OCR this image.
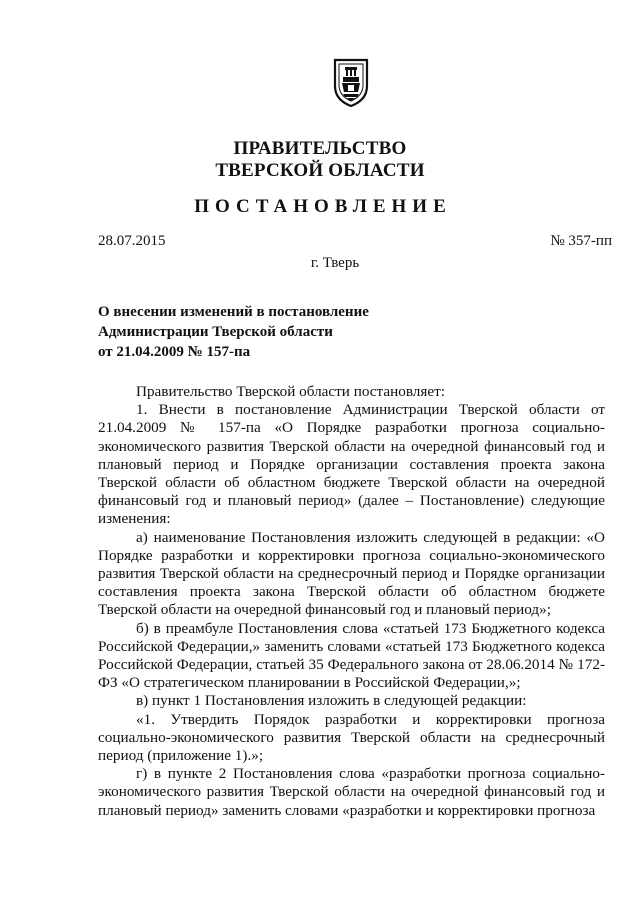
ПРАВИТЕЛЬСТВО
ТВЕРСКОЙ ОБЛАСТИ
ПОСТАНОВЛЕНИЕ
28.07.2015	№ 357-пп
г. Тверь
О внесении изменений в постановление
Администрации Тверской области
от 21.04.2009 № 157-па

Правительство Тверской области постановляет:

1. Внести в постановление Администрации Тверской области от 21.04.2009 № 157-па «О Порядке разработки прогноза социально-экономического развития Тверской области на очередной финансовый год и плановый период и Порядке организации составления проекта закона Тверской области об областном бюджете Тверской области на очередной финансовый год и плановый период» (далее – Постановление) следующие изменения:

а) наименование Постановления изложить следующей в редакции: «О Порядке разработки и корректировки прогноза социально-экономического развития Тверской области на среднесрочный период и Порядке организации составления проекта закона Тверской области об областном бюджете Тверской области на очередной финансовый год и плановый период»;

б) в преамбуле Постановления слова «статьей 173 Бюджетного кодекса Российской Федерации,» заменить словами «статьей 173 Бюджетного кодекса Российской Федерации, статьей 35 Федерального закона от 28.06.2014 № 172-ФЗ «О стратегическом планировании в Российской Федерации,»;

в) пункт 1 Постановления изложить в следующей редакции:

«1. Утвердить Порядок разработки и корректировки прогноза социально-экономического развития Тверской области на среднесрочный период (приложение 1).»;

г) в пункте 2 Постановления слова «разработки прогноза социально-экономического развития Тверской области на очередной финансовый год и плановый период» заменить словами «разработки и корректировки прогноза
